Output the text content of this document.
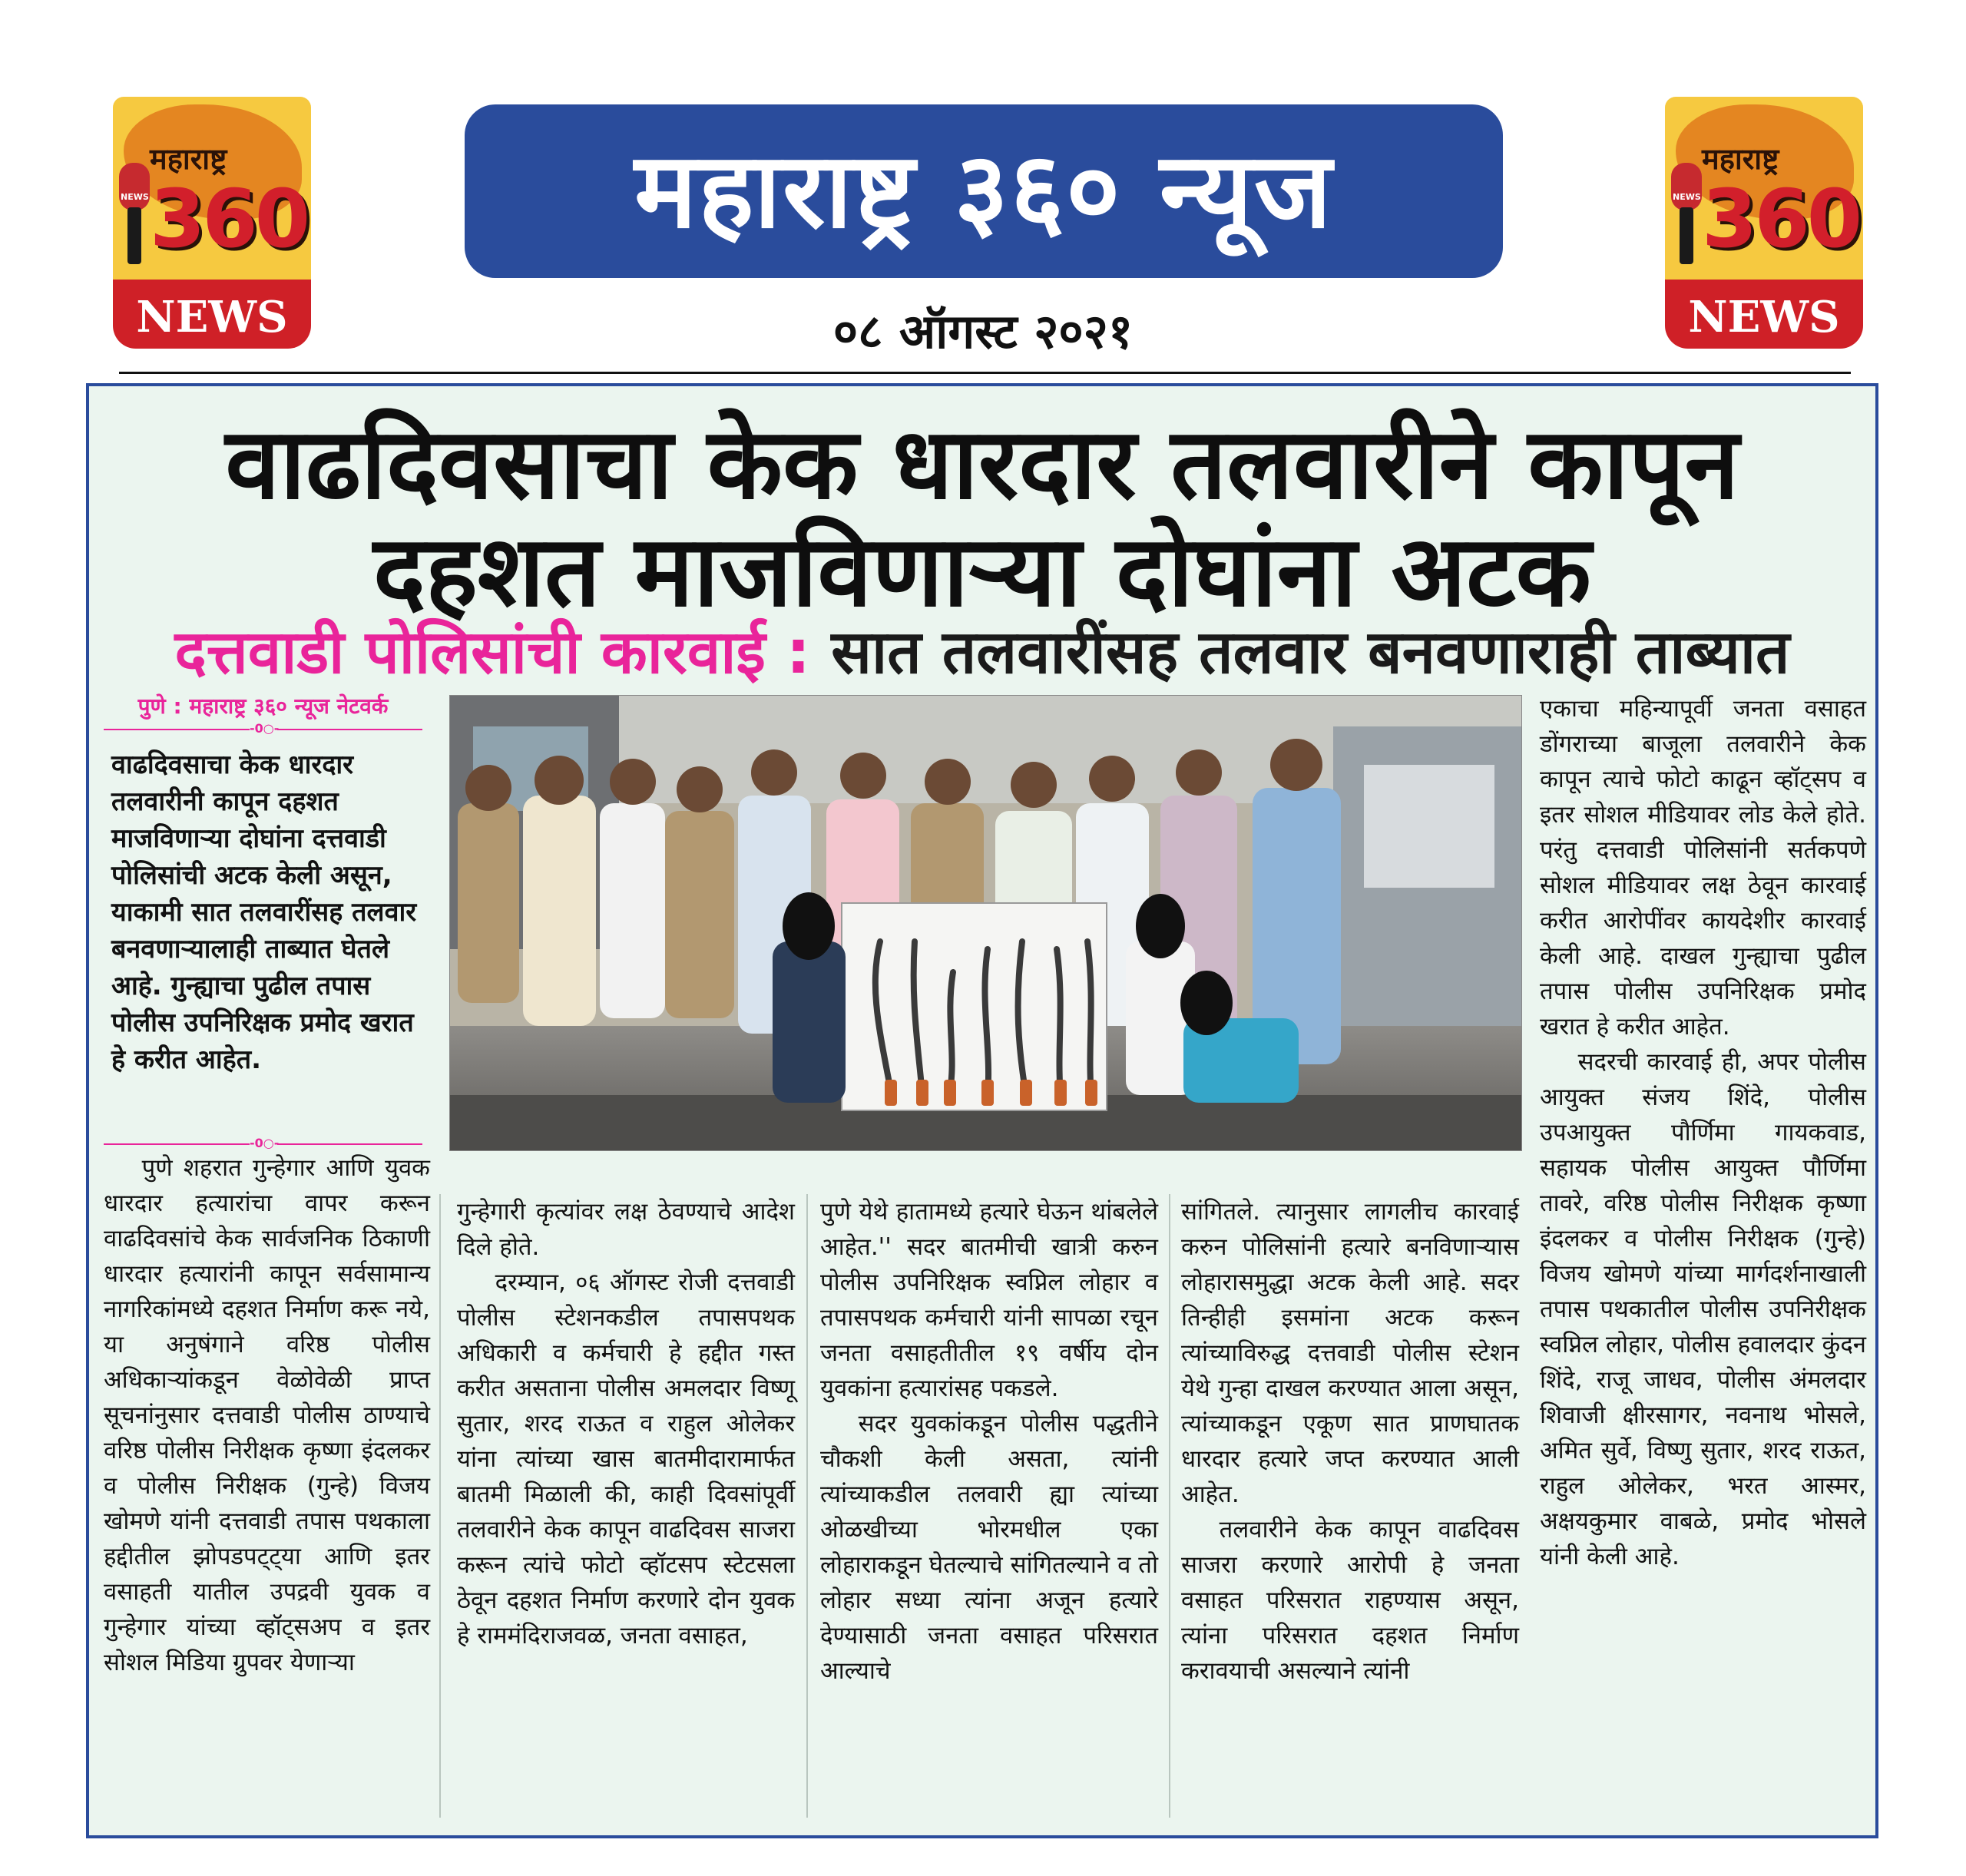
महाराष्ट्र
NEWS 360
NEWS
महाराष्ट्र
NEWS 360
NEWS
महाराष्ट्र ३६० न्यूज
०८ ऑगस्ट २०२१
वाढदिवसाचा केक धारदार तलवारीने कापून
दहशत माजविणाऱ्या दोघांना अटक
दत्तवाडी पोलिसांची कारवाई : सात तलवारींसह तलवार बनवणाराही ताब्यात
पुणे : महाराष्ट्र ३६० न्यूज नेटवर्क
-0○-
वाढदिवसाचा केक धारदार तलवारीनी कापून दहशत माजविणाऱ्या दोघांना दत्तवाडी पोलिसांची अटक केली असून, याकामी सात तलवारींसह तलवार बनवणाऱ्यालाही ताब्यात घेतले आहे. गुन्ह्याचा पुढील तपास पोलीस उपनिरिक्षक प्रमोद खरात हे करीत आहेत.
-0○-

पुणे शहरात गुन्हेगार आणि युवक धारदार हत्यारांचा वापर करून वाढदिवसांचे केक सार्वजनिक ठिकाणी धारदार हत्यारांनी कापून सर्वसामान्य नागरिकांमध्ये दहशत निर्माण करू नये, या अनुषंगाने वरिष्ठ पोलीस अधिकाऱ्यांकडून वेळोवेळी प्राप्त सूचनांनुसार दत्तवाडी पोलीस ठाण्याचे वरिष्ठ पोलीस निरीक्षक कृष्णा इंदलकर व पोलीस निरीक्षक (गुन्हे) विजय खोमणे यांनी दत्तवाडी तपास पथकाला हद्दीतील झोपडपट्ट्या आणि इतर वसाहती यातील उपद्रवी युवक व गुन्हेगार यांच्या व्हॉट्सअप व इतर सोशल मिडिया ग्रुपवर येणाऱ्या

गुन्हेगारी कृत्यांवर लक्ष ठेवण्याचे आदेश दिले होते.

दरम्यान, ०६ ऑगस्ट रोजी दत्तवाडी पोलीस स्टेशनकडील तपासपथक अधिकारी व कर्मचारी हे हद्दीत गस्त करीत असताना पोलीस अमलदार विष्णू सुतार, शरद राऊत व राहुल ओलेकर यांना त्यांच्या खास बातमीदारामार्फत बातमी मिळाली की, काही दिवसांपूर्वी तलवारीने केक कापून वाढदिवस साजरा करून त्यांचे फोटो व्हॉटसप स्टेटसला ठेवून दहशत निर्माण करणारे दोन युवक हे राममंदिराजवळ, जनता वसाहत,

पुणे येथे हातामध्ये हत्यारे घेऊन थांबलेले आहेत.'' सदर बातमीची खात्री करुन पोलीस उपनिरिक्षक स्वप्निल लोहार व तपासपथक कर्मचारी यांनी सापळा रचून जनता वसाहतीतील १९ वर्षीय दोन युवकांना हत्यारांसह पकडले.

सदर युवकांकडून पोलीस पद्धतीने चौकशी केली असता, त्यांनी त्यांच्याकडील तलवारी ह्या त्यांच्या ओळखीच्या भोरमधील एका लोहाराकडून घेतल्याचे सांगितल्याने व तो लोहार सध्या त्यांना अजून हत्यारे देण्यासाठी जनता वसाहत परिसरात आल्याचे

सांगितले. त्यानुसार लागलीच कारवाई करुन पोलिसांनी हत्यारे बनविणाऱ्यास लोहारासमुद्धा अटक केली आहे. सदर तिन्हीही इसमांना अटक करून त्यांच्याविरुद्ध दत्तवाडी पोलीस स्टेशन येथे गुन्हा दाखल करण्यात आला असून, त्यांच्याकडून एकूण सात प्राणघातक धारदार हत्यारे जप्त करण्यात आली आहेत.

तलवारीने केक कापून वाढदिवस साजरा करणारे आरोपी हे जनता वसाहत परिसरात राहण्यास असून, त्यांना परिसरात दहशत निर्माण करावयाची असल्याने त्यांनी

एकाचा महिन्यापूर्वी जनता वसाहत डोंगराच्या बाजूला तलवारीने केक कापून त्याचे फोटो काढून व्हॉट्सप व इतर सोशल मीडियावर लोड केले होते. परंतु दत्तवाडी पोलिसांनी सर्तकपणे सोशल मीडियावर लक्ष ठेवून कारवाई करीत आरोपींवर कायदेशीर कारवाई केली आहे. दाखल गुन्ह्याचा पुढील तपास पोलीस उपनिरिक्षक प्रमोद खरात हे करीत आहेत.

सदरची कारवाई ही, अपर पोलीस आयुक्त संजय शिंदे, पोलीस उपआयुक्त पौर्णिमा गायकवाड, सहायक पोलीस आयुक्त पौर्णिमा तावरे, वरिष्ठ पोलीस निरीक्षक कृष्णा इंदलकर व पोलीस निरीक्षक (गुन्हे) विजय खोमणे यांच्या मार्गदर्शनाखाली तपास पथकातील पोलीस उपनिरीक्षक स्वप्निल लोहार, पोलीस हवालदार कुंदन शिंदे, राजू जाधव, पोलीस अंमलदार शिवाजी क्षीरसागर, नवनाथ भोसले, अमित सुर्वे, विष्णु सुतार, शरद राऊत, राहुल ओलेकर, भरत आस्मर, अक्षयकुमार वाबळे, प्रमोद भोसले यांनी केली आहे.
